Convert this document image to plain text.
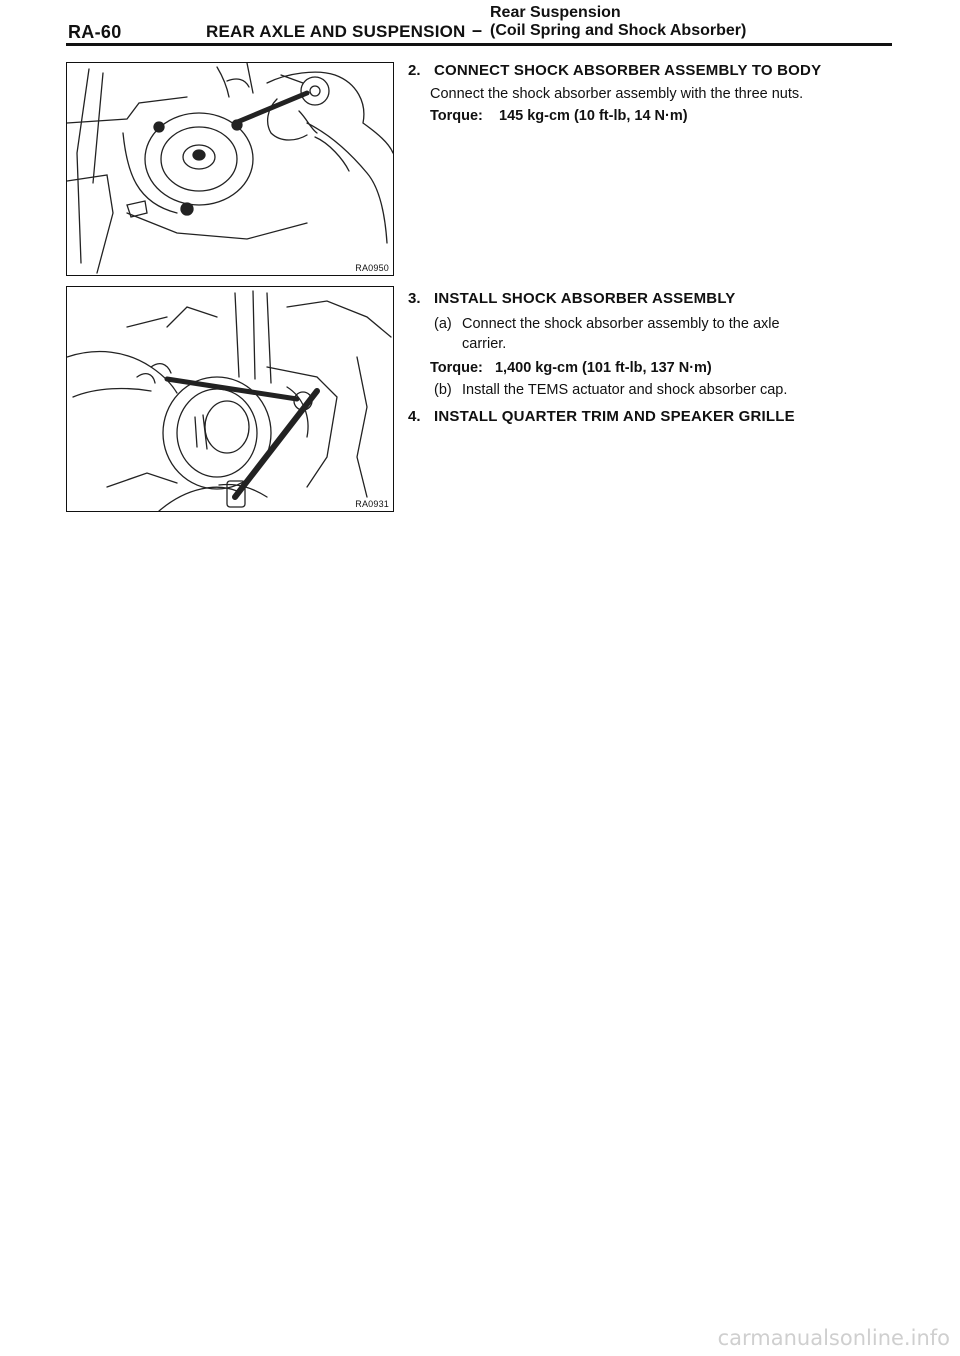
RA-60	REAR AXLE AND SUSPENSION –
Rear Suspension
(Coil Spring and Shock Absorber)
RA0950
RA0931
2. CONNECT SHOCK ABSORBER ASSEMBLY TO BODY
Connect the shock absorber assembly with the three nuts.
Torque: 145 kg-cm (10 ft-lb, 14 N·m)
3. INSTALL SHOCK ABSORBER ASSEMBLY
(a) Connect the shock absorber assembly to the axle
carrier.
Torque: 1,400 kg-cm (101 ft-lb, 137 N·m)
(b) Install the TEMS actuator and shock absorber cap.
4. INSTALL QUARTER TRIM AND SPEAKER GRILLE
carmanualsonline.info
